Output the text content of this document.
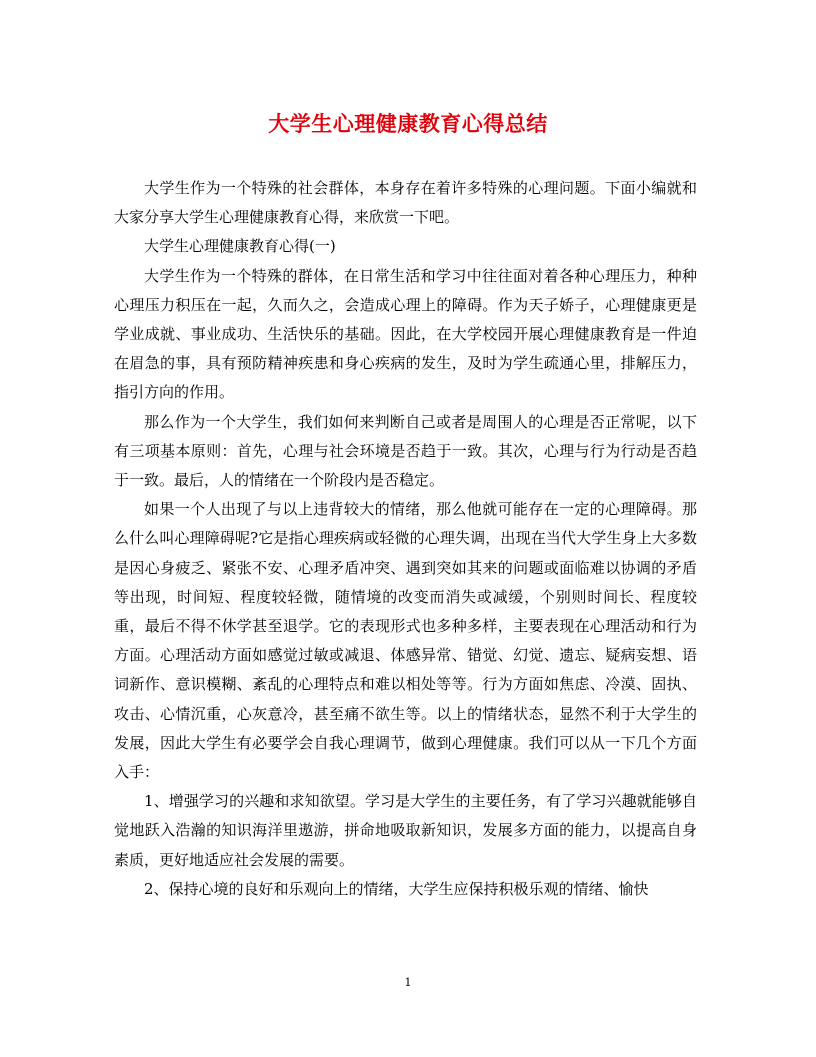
大学生心理健康教育心得总结

大学生作为一个特殊的社会群体，本身存在着许多特殊的心理问题。下面小编就和大家分享大学生心理健康教育心得，来欣赏一下吧。

大学生心理健康教育心得(一)

大学生作为一个特殊的群体，在日常生活和学习中往往面对着各种心理压力，种种心理压力积压在一起，久而久之，会造成心理上的障碍。作为天子娇子，心理健康更是学业成就、事业成功、生活快乐的基础。因此，在大学校园开展心理健康教育是一件迫在眉急的事，具有预防精神疾患和身心疾病的发生，及时为学生疏通心里，排解压力，指引方向的作用。

那么作为一个大学生，我们如何来判断自己或者是周围人的心理是否正常呢，以下有三项基本原则：首先，心理与社会环境是否趋于一致。其次，心理与行为行动是否趋于一致。最后，人的情绪在一个阶段内是否稳定。

如果一个人出现了与以上违背较大的情绪，那么他就可能存在一定的心理障碍。那么什么叫心理障碍呢?它是指心理疾病或轻微的心理失调，出现在当代大学生身上大多数是因心身疲乏、紧张不安、心理矛盾冲突、遇到突如其来的问题或面临难以协调的矛盾等出现，时间短、程度较轻微，随情境的改变而消失或减缓，个别则时间长、程度较重，最后不得不休学甚至退学。它的表现形式也多种多样，主要表现在心理活动和行为方面。心理活动方面如感觉过敏或减退、体感异常、错觉、幻觉、遗忘、疑病妄想、语词新作、意识模糊、紊乱的心理特点和难以相处等等。行为方面如焦虑、冷漠、固执、攻击、心情沉重，心灰意冷，甚至痛不欲生等。以上的情绪状态，显然不利于大学生的发展，因此大学生有必要学会自我心理调节，做到心理健康。我们可以从一下几个方面入手：

1、增强学习的兴趣和求知欲望。学习是大学生的主要任务，有了学习兴趣就能够自觉地跃入浩瀚的知识海洋里遨游，拼命地吸取新知识，发展多方面的能力，以提高自身素质，更好地适应社会发展的需要。

2、保持心境的良好和乐观向上的情绪，大学生应保持积极乐观的情绪、愉快

1
